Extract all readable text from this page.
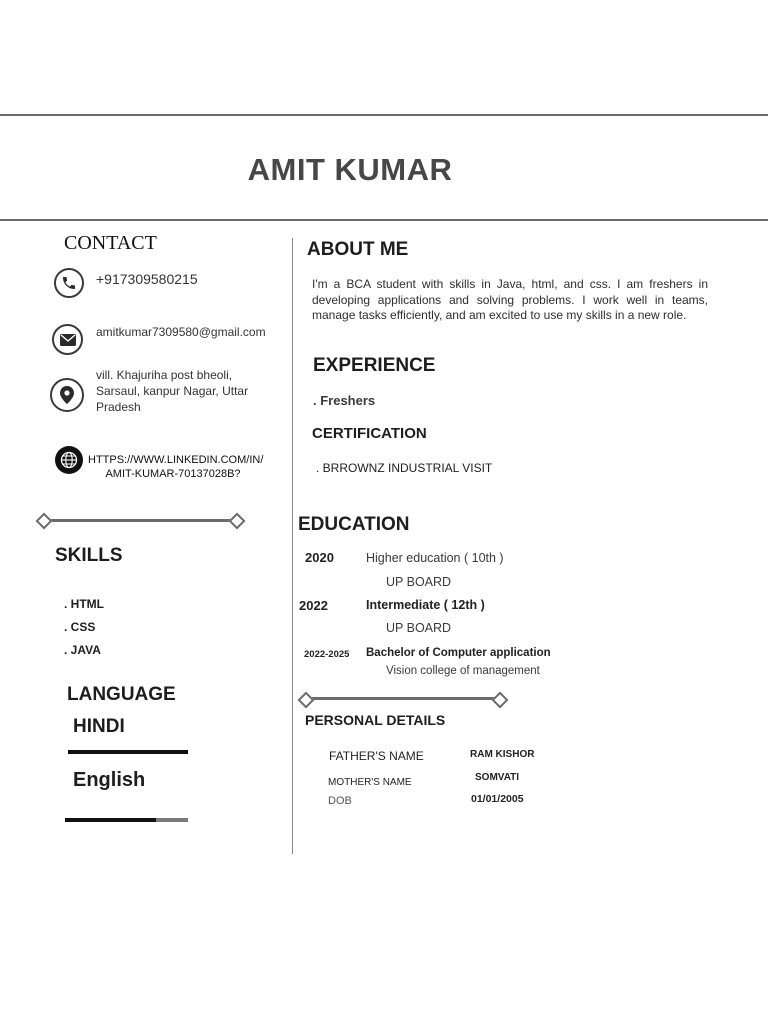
AMIT KUMAR
CONTACT
+917309580215
amitkumar7309580@gmail.com
vill. Khajuriha post bheoli,
Sarsaul, kanpur Nagar, Uttar
Pradesh
HTTPS://WWW.LINKEDIN.COM/IN/
AMIT-KUMAR-70137028B?
SKILLS
. HTML
. CSS
. JAVA
LANGUAGE
HINDI
English
ABOUT ME
I'm a BCA student with skills in Java, html, and css. I am freshers in developing applications and solving problems. I work well in teams, manage tasks efficiently, and am excited to use my skills in a new role.
EXPERIENCE
. Freshers
CERTIFICATION
. BRROWNZ INDUSTRIAL VISIT
EDUCATION
2020	Higher education ( 10th )
UP BOARD
2022	Intermediate ( 12th )
UP BOARD
2022-2025 Bachelor of Computer application
Vision college of management
PERSONAL DETAILS
FATHER'S NAME	RAM KISHOR
MOTHER'S NAME	SOMVATI
DOB	01/01/2005
